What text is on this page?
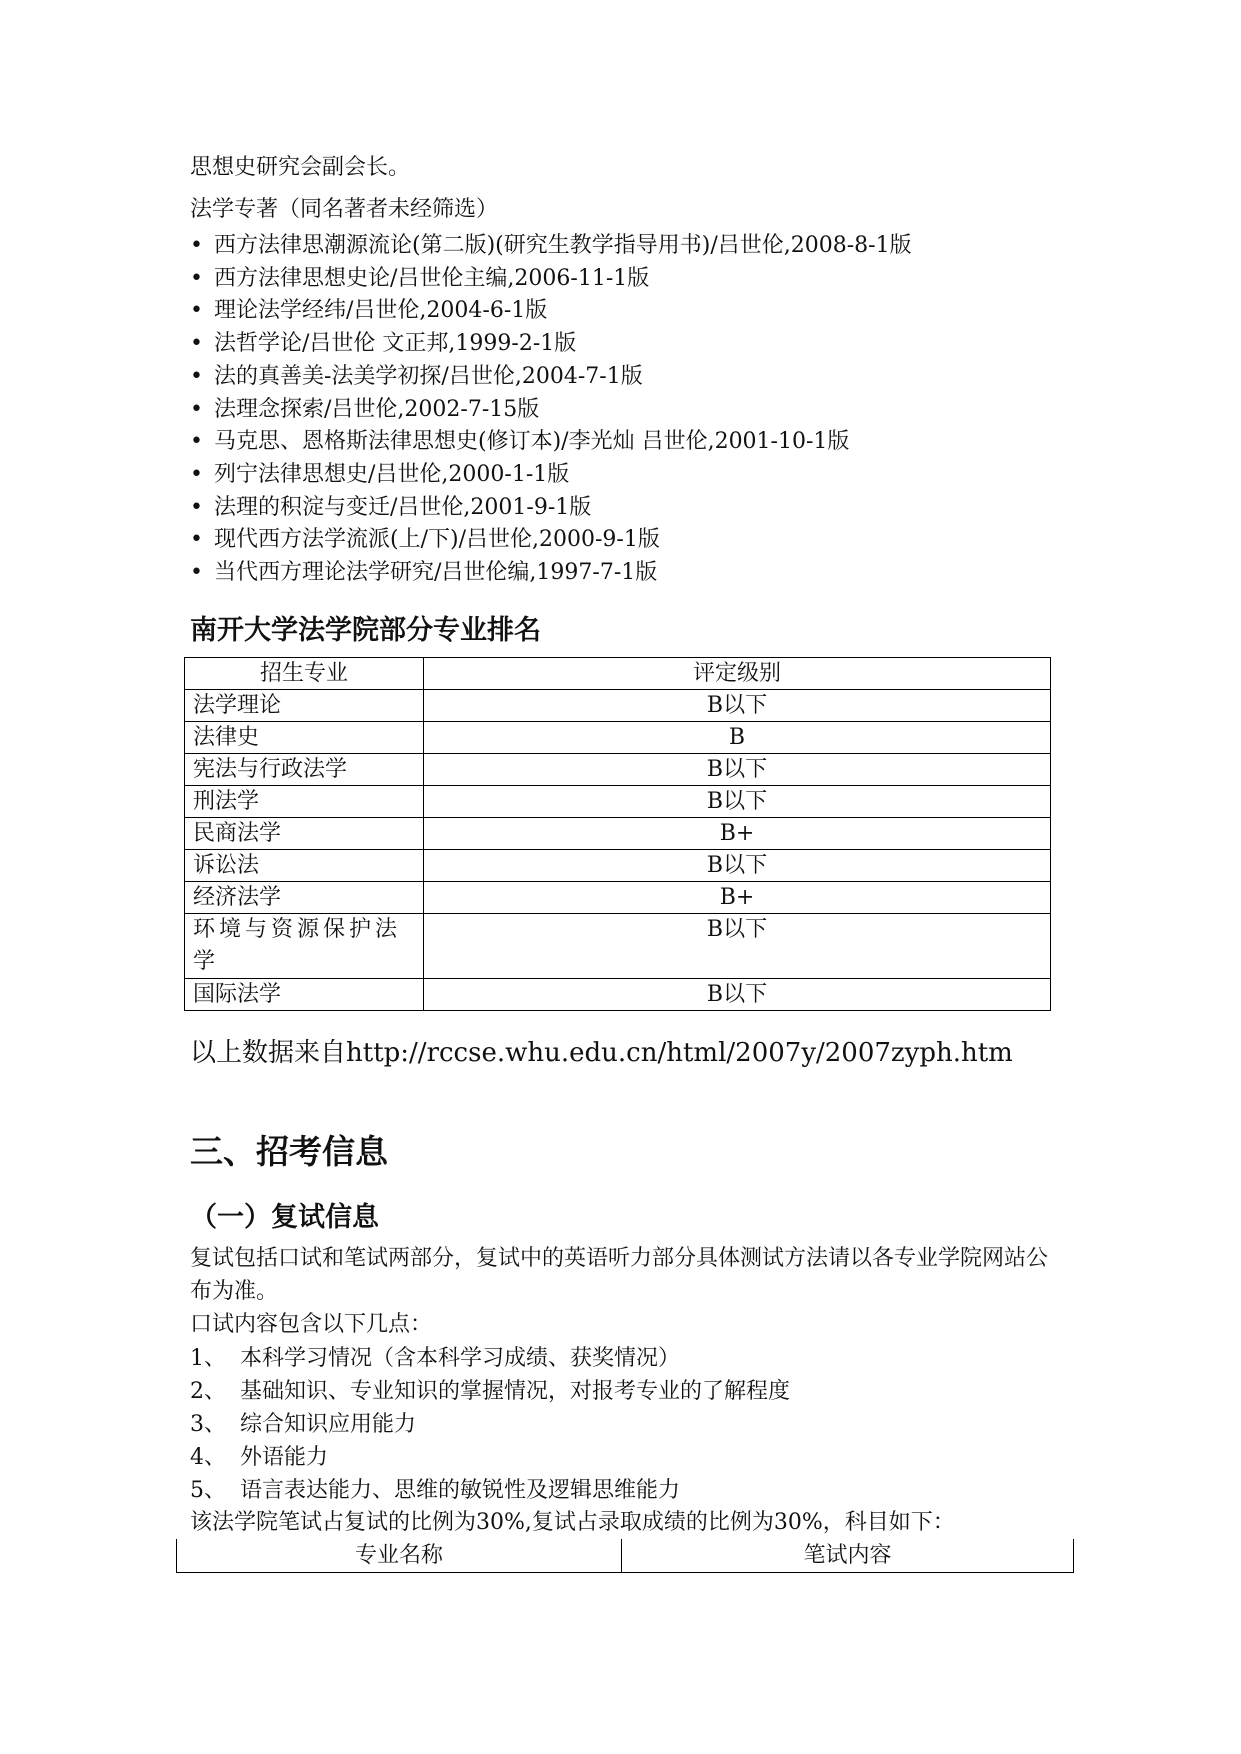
思想史研究会副会长。
法学专著（同名著者未经筛选）
• 西方法律思潮源流论(第二版)(研究生教学指导用书)/吕世伦,2008-8-1版
• 西方法律思想史论/吕世伦主编,2006-11-1版
• 理论法学经纬/吕世伦,2004-6-1版
• 法哲学论/吕世伦 文正邦,1999-2-1版
• 法的真善美-法美学初探/吕世伦,2004-7-1版
• 法理念探索/吕世伦,2002-7-15版
• 马克思、恩格斯法律思想史(修订本)/李光灿 吕世伦,2001-10-1版
• 列宁法律思想史/吕世伦,2000-1-1版
• 法理的积淀与变迁/吕世伦,2001-9-1版
• 现代西方法学流派(上/下)/吕世伦,2000-9-1版
• 当代西方理论法学研究/吕世伦编,1997-7-1版
南开大学法学院部分专业排名
招生专业	评定级别
法学理论	B以下
法律史	B
宪法与行政法学	B以下
刑法学	B以下
民商法学	B+
诉讼法	B以下
经济法学	B+
环境与资源保护法学	B以下
国际法学	B以下
以上数据来自http://rccse.whu.edu.cn/html/2007y/2007zyph.htm
三、招考信息
（一）复试信息
复试包括口试和笔试两部分，复试中的英语听力部分具体测试方法请以各专业学院网站公布为准。
口试内容包含以下几点：
1、 本科学习情况（含本科学习成绩、获奖情况）
2、 基础知识、专业知识的掌握情况，对报考专业的了解程度
3、 综合知识应用能力
4、 外语能力
5、 语言表达能力、思维的敏锐性及逻辑思维能力
该法学院笔试占复试的比例为30%,复试占录取成绩的比例为30%，科目如下：
专业名称	笔试内容
